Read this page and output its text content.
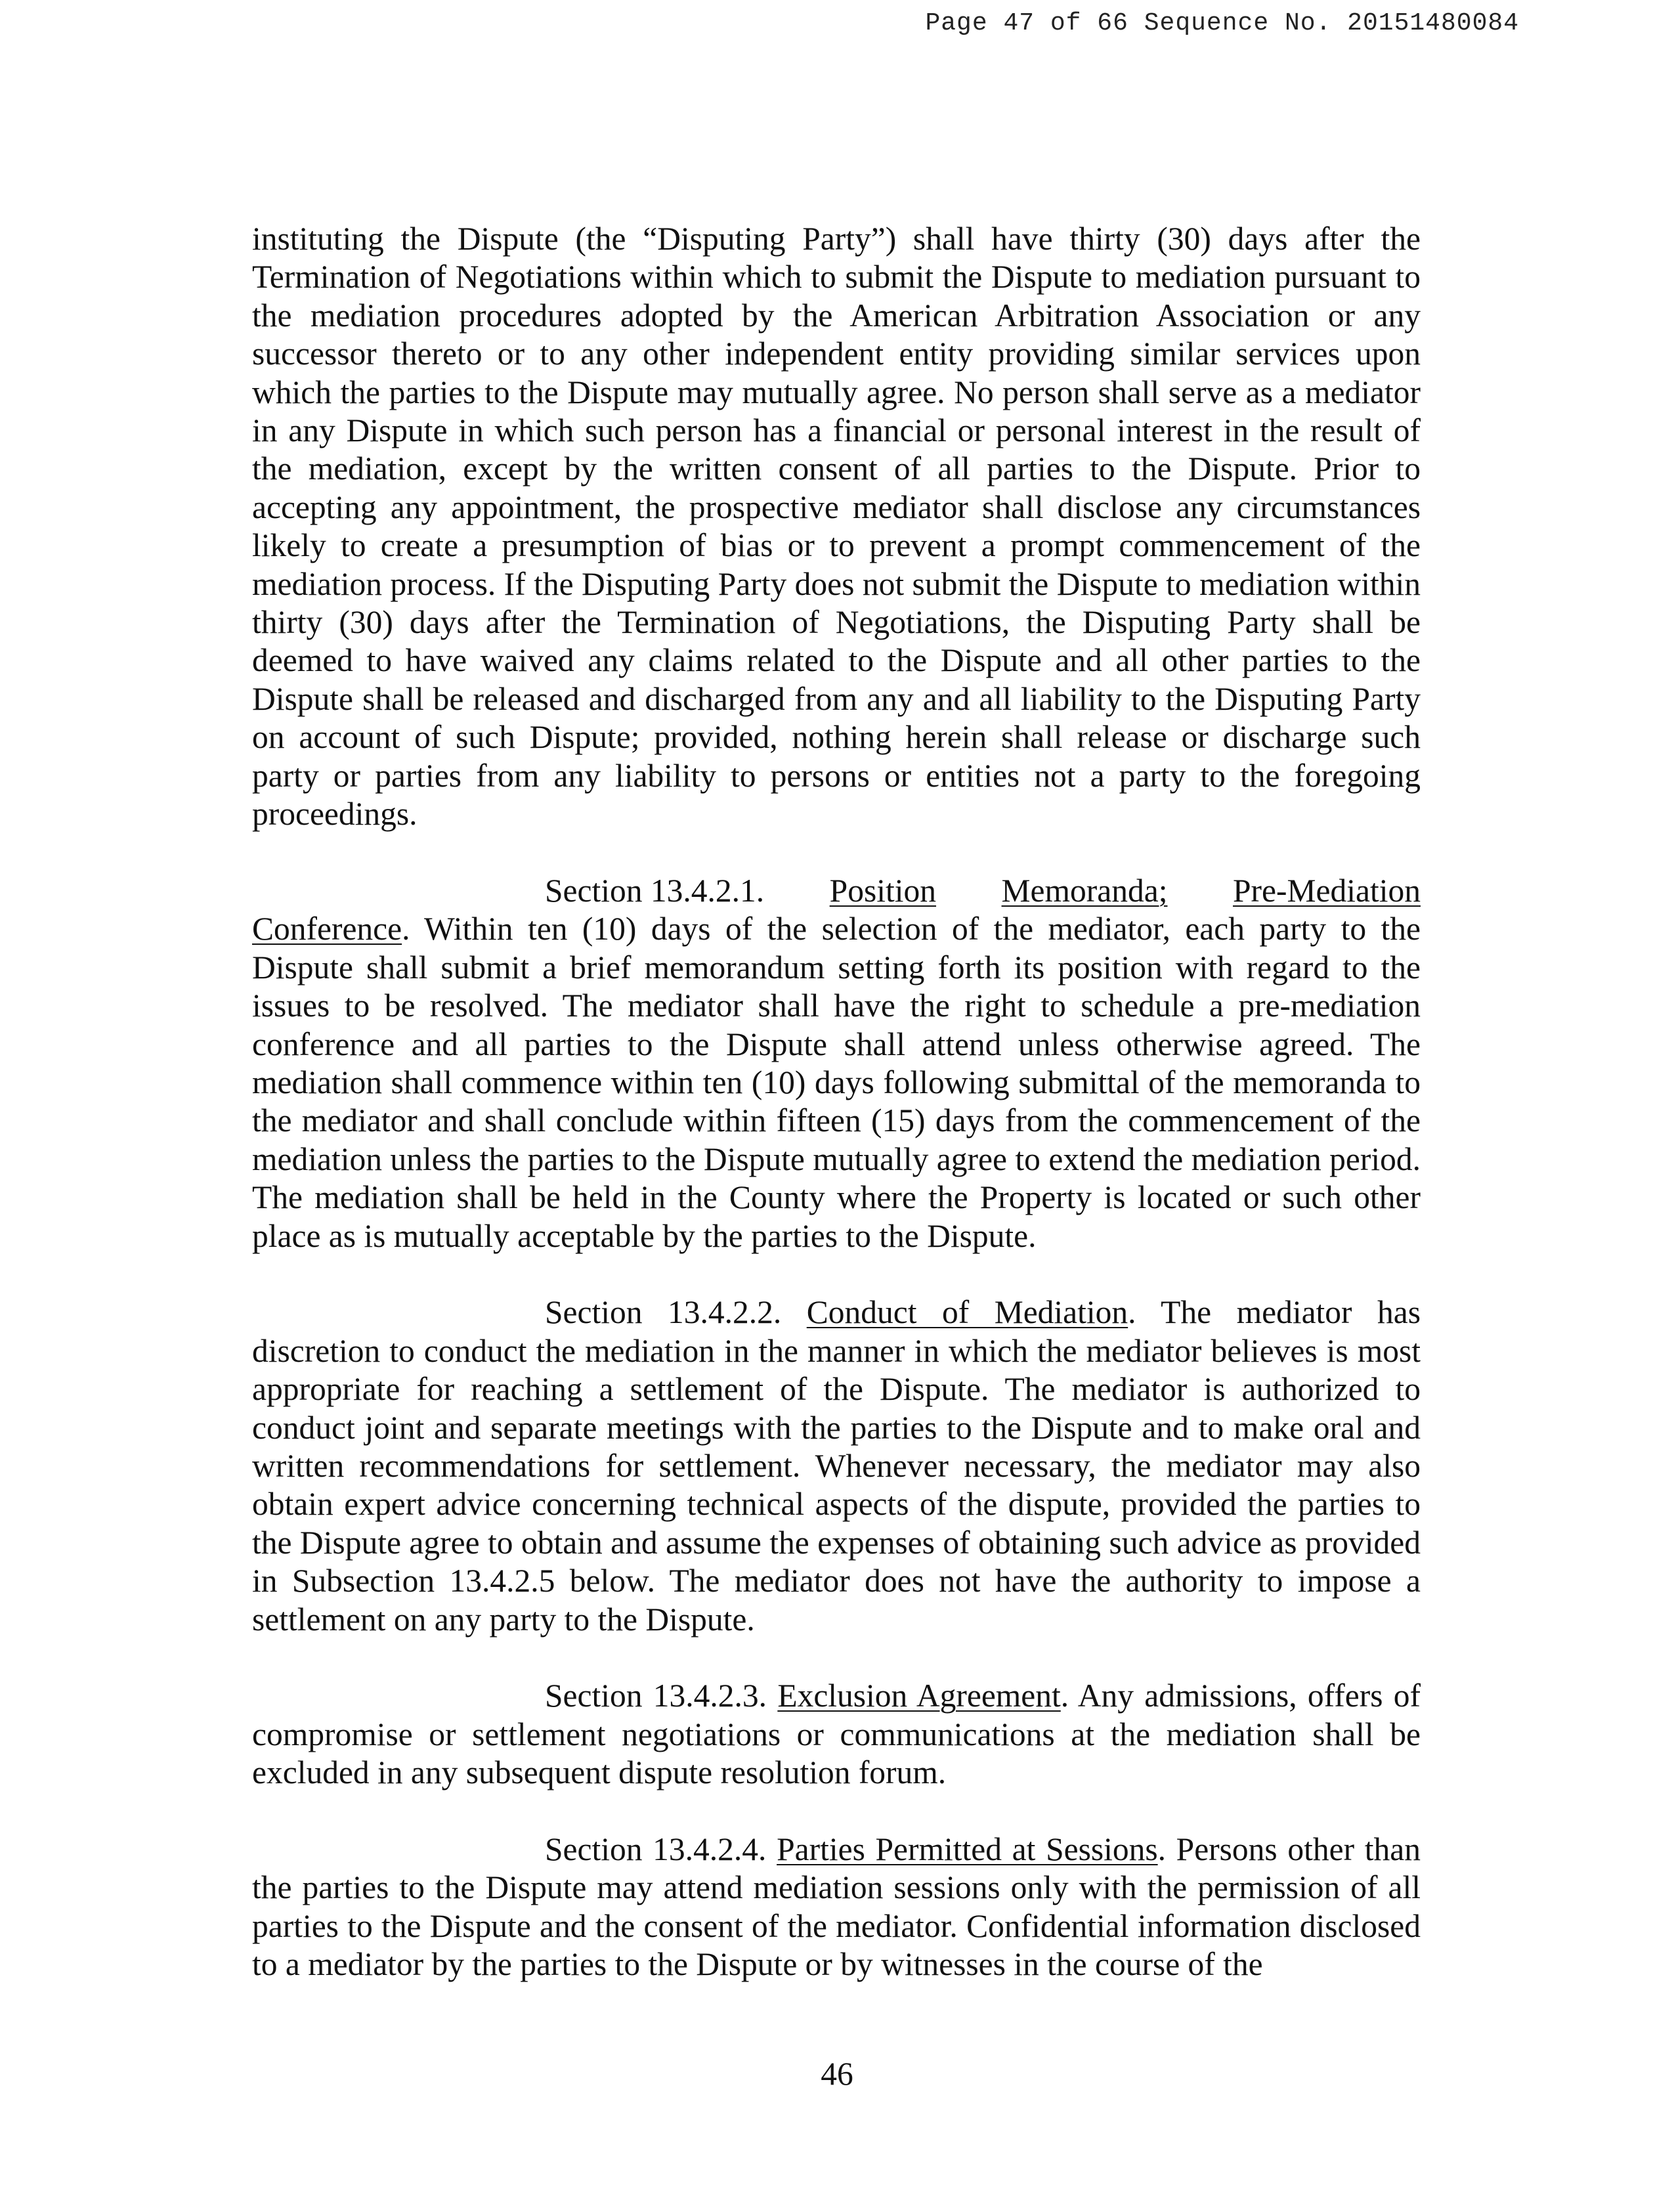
Page 47 of 66 Sequence No. 20151480084

instituting the Dispute (the “Disputing Party”) shall have thirty (30) days after the Termination of Negotiations within which to submit the Dispute to mediation pursuant to the mediation procedures adopted by the American Arbitration Association or any successor thereto or to any other independent entity providing similar services upon which the parties to the Dispute may mutually agree. No person shall serve as a mediator in any Dispute in which such person has a financial or personal interest in the result of the mediation, except by the written consent of all parties to the Dispute. Prior to accepting any appointment, the prospective mediator shall disclose any circumstances likely to create a presumption of bias or to prevent a prompt commencement of the mediation process. If the Disputing Party does not submit the Dispute to mediation within thirty (30) days after the Termination of Negotiations, the Disputing Party shall be deemed to have waived any claims related to the Dispute and all other parties to the Dispute shall be released and discharged from any and all liability to the Disputing Party on account of such Dispute; provided, nothing herein shall release or discharge such party or parties from any liability to persons or entities not a party to the foregoing proceedings.

Section 13.4.2.1. Position Memoranda; Pre-Mediation
Conference. Within ten (10) days of the selection of the mediator, each party to the Dispute shall submit a brief memorandum setting forth its position with regard to the issues to be resolved. The mediator shall have the right to schedule a pre-mediation conference and all parties to the Dispute shall attend unless otherwise agreed. The mediation shall commence within ten (10) days following submittal of the memoranda to the mediator and shall conclude within fifteen (15) days from the commencement of the mediation unless the parties to the Dispute mutually agree to extend the mediation period. The mediation shall be held in the County where the Property is located or such other place as is mutually acceptable by the parties to the Dispute.

Section 13.4.2.2. Conduct of Mediation. The mediator has discretion to conduct the mediation in the manner in which the mediator believes is most appropriate for reaching a settlement of the Dispute. The mediator is authorized to conduct joint and separate meetings with the parties to the Dispute and to make oral and written recommendations for settlement. Whenever necessary, the mediator may also obtain expert advice concerning technical aspects of the dispute, provided the parties to the Dispute agree to obtain and assume the expenses of obtaining such advice as provided in Subsection 13.4.2.5 below. The mediator does not have the authority to impose a settlement on any party to the Dispute.

Section 13.4.2.3. Exclusion Agreement. Any admissions, offers of compromise or settlement negotiations or communications at the mediation shall be excluded in any subsequent dispute resolution forum.

Section 13.4.2.4. Parties Permitted at Sessions. Persons other than the parties to the Dispute may attend mediation sessions only with the permission of all parties to the Dispute and the consent of the mediator. Confidential information disclosed to a mediator by the parties to the Dispute or by witnesses in the course of the

46
